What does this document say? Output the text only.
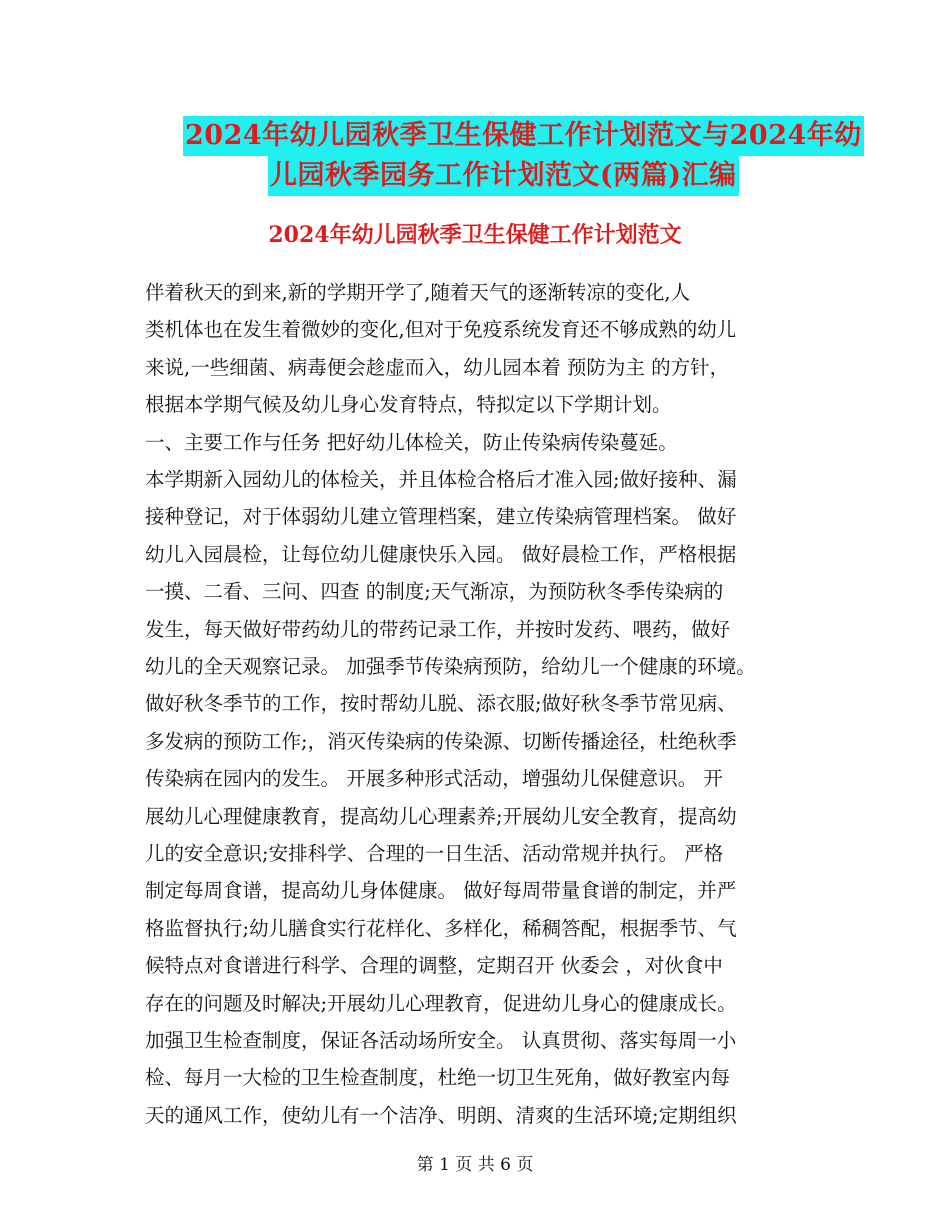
2024年幼儿园秋季卫生保健工作计划范文与2024年幼
儿园秋季园务工作计划范文(两篇)汇编
2024年幼儿园秋季卫生保健工作计划范文
伴着秋天的到来,新的学期开学了,随着天气的逐渐转凉的变化,人
类机体也在发生着微妙的变化,但对于免疫系统发育还不够成熟的幼儿
来说,一些细菌、病毒便会趁虚而入，幼儿园本着 预防为主 的方针，
根据本学期气候及幼儿身心发育特点，特拟定以下学期计划。
一、主要工作与任务 把好幼儿体检关，防止传染病传染蔓延。
本学期新入园幼儿的体检关，并且体检合格后才准入园;做好接种、漏
接种登记，对于体弱幼儿建立管理档案，建立传染病管理档案。 做好
幼儿入园晨检，让每位幼儿健康快乐入园。 做好晨检工作，严格根据
一摸、二看、三问、四查 的制度;天气渐凉，为预防秋冬季传染病的
发生，每天做好带药幼儿的带药记录工作，并按时发药、喂药，做好
幼儿的全天观察记录。 加强季节传染病预防，给幼儿一个健康的环境。
做好秋冬季节的工作，按时帮幼儿脱、添衣服;做好秋冬季节常见病、
多发病的预防工作;，消灭传染病的传染源、切断传播途径，杜绝秋季
传染病在园内的发生。 开展多种形式活动，增强幼儿保健意识。 开
展幼儿心理健康教育，提高幼儿心理素养;开展幼儿安全教育，提高幼
儿的安全意识;安排科学、合理的一日生活、活动常规并执行。 严格
制定每周食谱，提高幼儿身体健康。 做好每周带量食谱的制定，并严
格监督执行;幼儿膳食实行花样化、多样化，稀稠答配，根据季节、气
候特点对食谱进行科学、合理的调整，定期召开 伙委会 ，对伙食中
存在的问题及时解决;开展幼儿心理教育，促进幼儿身心的健康成长。
加强卫生检查制度，保证各活动场所安全。 认真贯彻、落实每周一小
检、每月一大检的卫生检查制度，杜绝一切卫生死角，做好教室内每
天的通风工作，使幼儿有一个洁净、明朗、清爽的生活环境;定期组织
第 1 页 共 6 页
